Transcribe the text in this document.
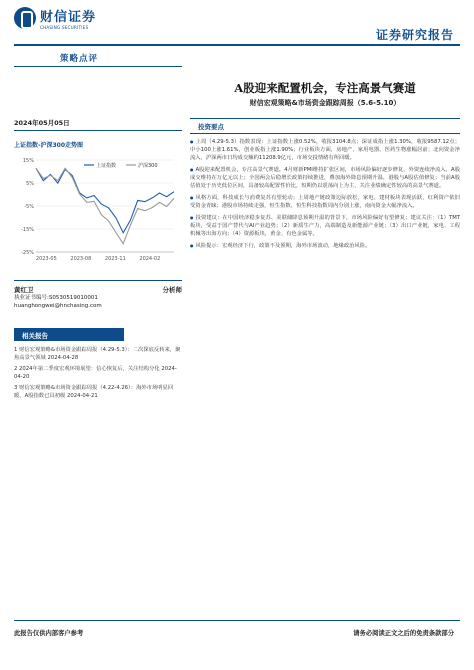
财信证券
CHASING SECURITIES
证券研究报告
策略点评
A股迎来配置机会，专注高景气赛道
财信宏观策略&市场资金跟踪周报（5.6-5.10）
2024年05月05日
上证指数-沪深300走势图
15%
5%
-5%
-15%
-25%
2023-05	2023-08	2023-11	2024-02
上证指数	沪深300
黄红卫	分析师
执业证书编号:S0530519010001
huanghongwei@hnchasing.com
相关报告
1 财信宏观策略&市场资金跟踪周报（4.29-5.3）：二次探底反转来，聚焦高景气领域 2024-04-28
2 2024年第二季度宏观环境展望：信心恢复后，关注结构分化 2024-04-20
3 财信宏观策略&市场资金跟踪周报（4.22-4.26）：海外市场明显回暖，A股指数已具初级 2024-04-21
投资要点

● 上周（4.29-5.3）指数表现：上证指数上涨0.52%，收报3104.8点；深证成指上涨1.30%，收报9587.12点；中小100上涨1.61%，创业板指上涨1.90%；行业板块方面，房地产、家用电器、医药生物涨幅居前；北向资金净流入，沪深两市日均成交额约11208.9亿元，市场交投情绪有所回暖。

● A股迎来配置机会，专注高景气赛道。4月财新PMI维持扩张区间，市场风险偏好逐步修复，外资连续净流入，A股成交维持在万亿元以上；全国两会后稳增长政策持续推进，叠加海外降息预期升温，港股与A股估值修复；当前A股估值处于历史低位区间，具备较高配置性价比，短期仍以震荡向上为主，关注业绩确定性较高的高景气赛道。

● 风格方面，科技成长与消费复苏有望轮动；上周地产链政策边际放松，家电、建材板块表现活跃，红利资产依旧受资金青睐；港股市场持续走强，恒生指数、恒生科技指数周内分别上涨，南向资金大幅净流入。

● 投资建议：在中国经济稳步复苏、美联储降息预期升温的背景下，市场风险偏好有望修复；建议关注：（1）TMT板块，受益于国产替代与AI产业趋势；（2）新质生产力，高端制造及新能源产业链；（3）出口产业链，家电、工程机械等出海方向；（4）资源板块，黄金、有色金属等。

● 风险提示：宏观经济下行，政策不及预期，海外市场波动，地缘政治风险。

此报告仅供内部客户参考	请务必阅读正文之后的免责条款部分
